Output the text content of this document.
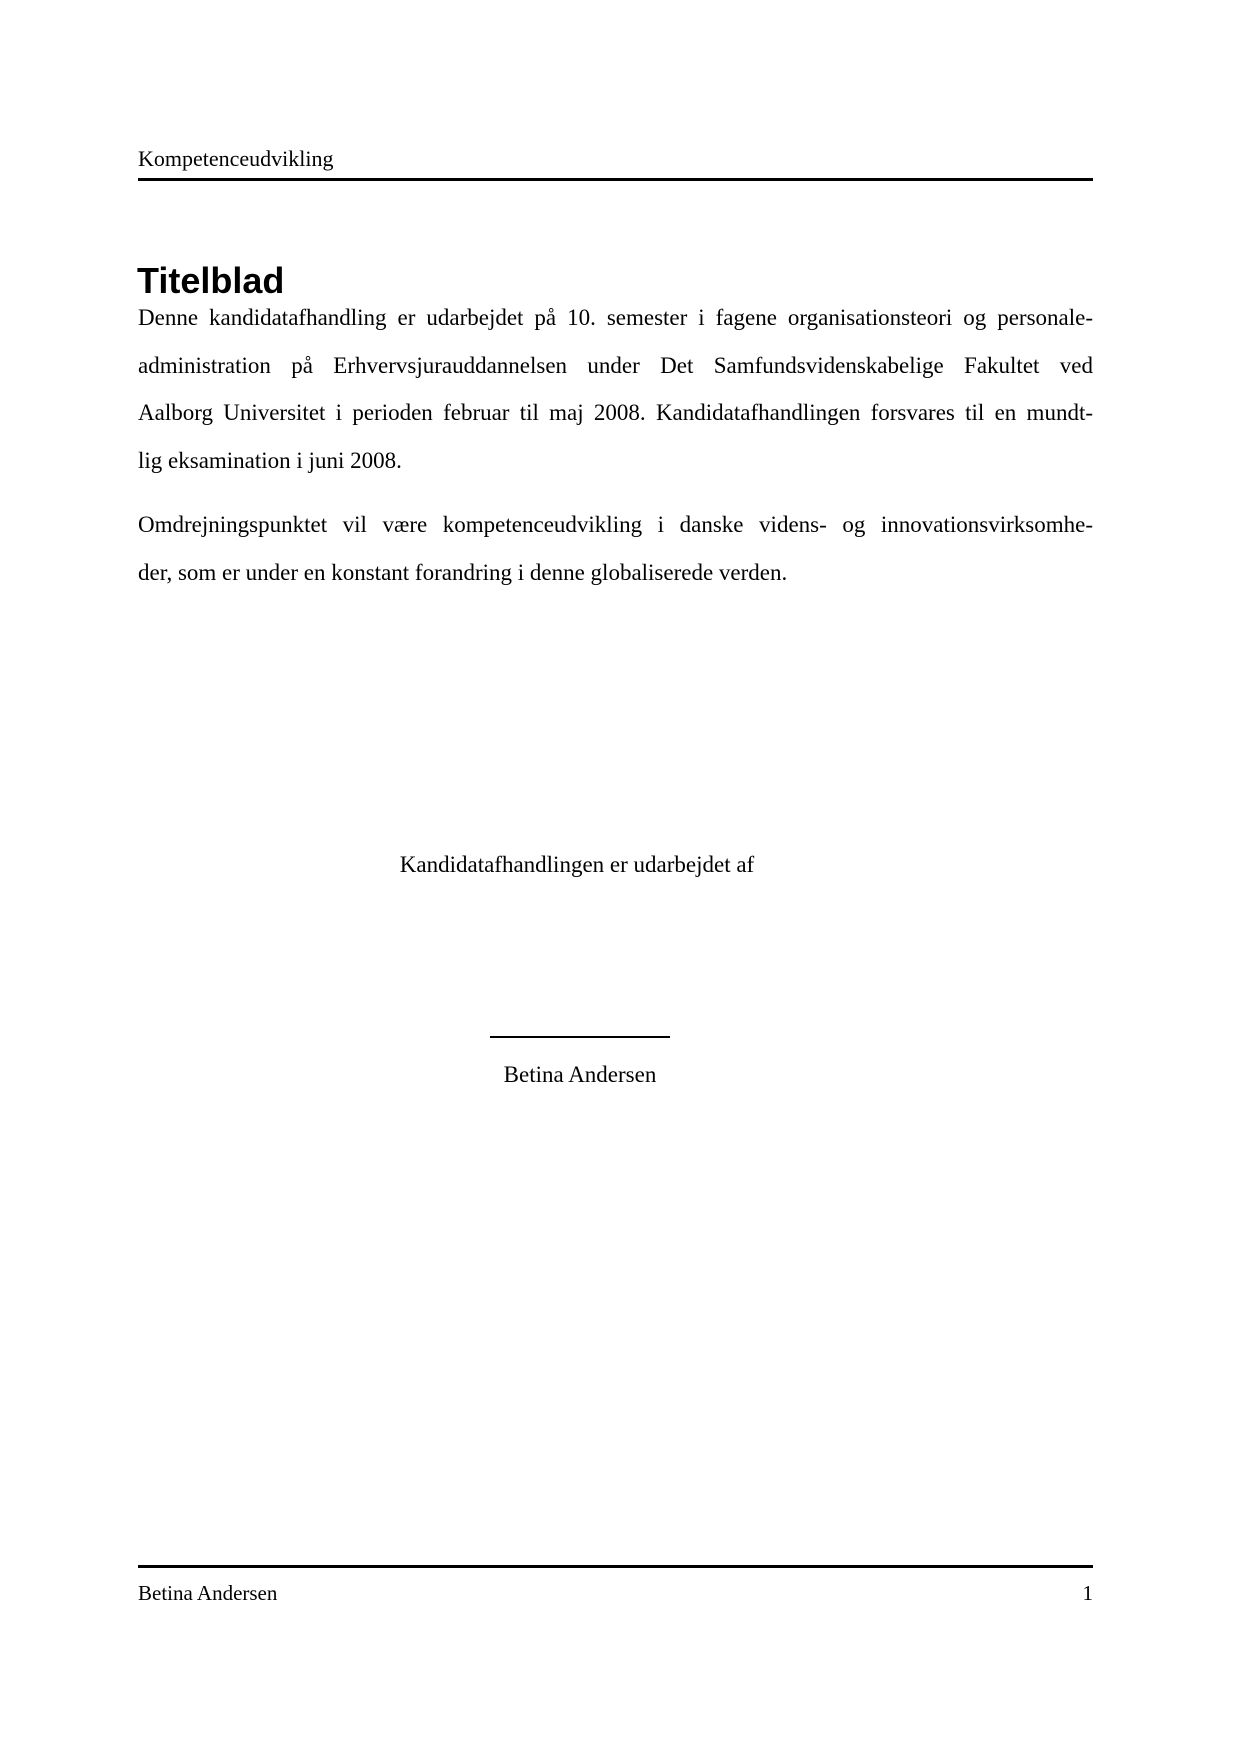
Kompetenceudvikling
Titelblad
Denne kandidatafhandling er udarbejdet på 10. semester i fagene organisationsteori og personale-
administration på Erhvervsjurauddannelsen under Det Samfundsvidenskabelige Fakultet ved
Aalborg Universitet i perioden februar til maj 2008. Kandidatafhandlingen forsvares til en mundt-
lig eksamination i juni 2008.
Omdrejningspunktet vil være kompetenceudvikling i danske videns- og innovationsvirksomhe-
der, som er under en konstant forandring i denne globaliserede verden.
Kandidatafhandlingen er udarbejdet af
Betina Andersen
Betina Andersen	1
